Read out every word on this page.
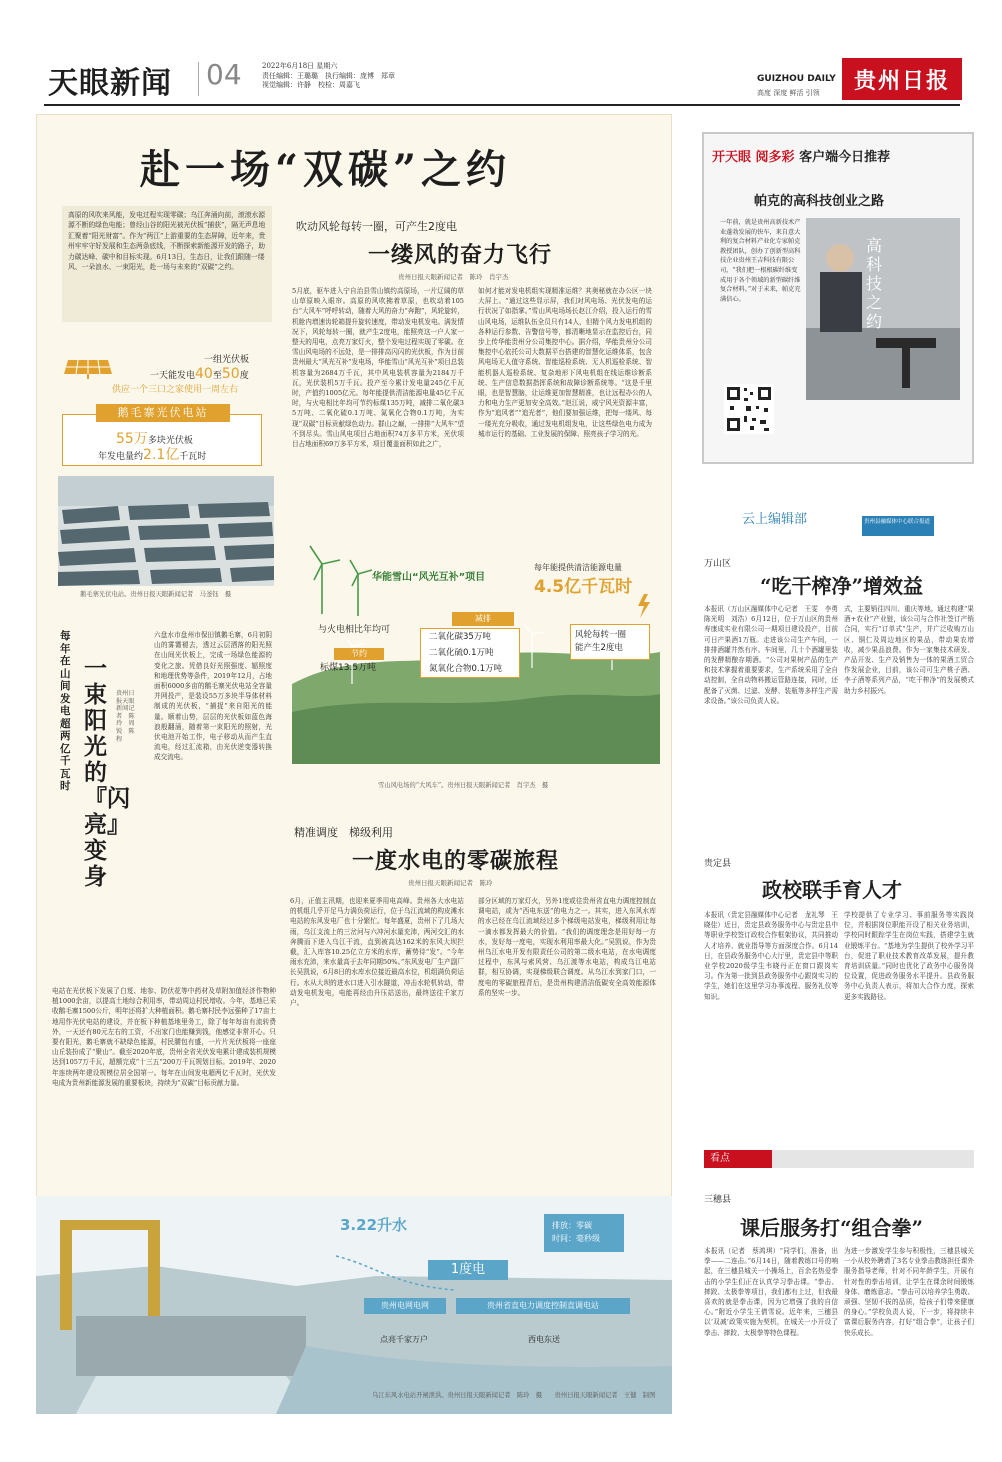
天眼新闻 04	2022年6月18日 星期六
责任编辑：王璐璐　执行编辑：庞博　郑章
视觉编辑：许静　校检：周嘉飞
GUIZHOU DAILY
高度 深度 鲜活 引领	贵州日报
赴一场“双碳”之约
高原的风吹来风能，发电过程实现零碳；乌江奔涌向前，滚滚水源源不断的绿色电能；曾经山谷的阳光被光伏板“捕获”，隔无声息地汇聚着“阳光财富”。作为“两江”上游重要的生态屏障，近年来，贵州牢牢守好发展和生态两条底线，不断探索新能源开发的路子，助力碳达峰、碳中和目标实现。6月13日，生态日，让我们跟随一缕风、一朵浪水、一束阳光，赴一场与未来的“双碳”之约。
吹动风轮每转一圈，可产生2度电
一缕风的奋力飞行
贵州日报天眼新闻记者　陈玲　肖宇杰
5月底，驱车进入宁自治县雪山镇约高原场，一片辽阔的草山草原映入眼帘。高原的风吹拂着草原，也吹动着105台“大风车”呼呼转动，随着大风的奋力“奔跑”，风轮旋转，机舱内增速齿轮箱提升旋转速度，带动发电机发电。满发情况下，风轮每转一圈，就产生2度电，能照亮这一户人家一整天的用电，点亮万家灯火，整个发电过程实现了零碳。在雪山风电场的不远处，是一排排高闪闪的光伏板，作为目前贵州最大“风光互补”发电场，华能雪山“风光互补”项目总装机容量为2684万千瓦，其中风电装机容量为2184万千瓦，光伏装机5万千瓦。投产至今累计发电量245亿千瓦时，产值约1005亿元。每年能提供清洁能源电量45亿千瓦时，与火电相比年均可节约标煤135万吨，减排二氧化碳35万吨、二氧化硫0.1万吨、氮氧化合物0.1万吨，为实现“双碳”目标贡献绿色动力。群山之巅，一排排“大风车”望不到尽头。雪山风电项目占地面积74万多平方米，光伏项目占地面积69万多平方米，项目覆盖面积如此之广，
如何才能对发电机组实现精准运维？其奥秘就在办公区一块大屏上。“通过这些显示屏，我们对风电场、光伏发电的运行状况了如指掌。”雪山风电场场长赵江介绍，投入运行的雪山风电场，运维队伍全员只有14人，但精个风力发电机组的各种运行参数、告警信号等，都清晰地显示在监控后台，同步上传华能贵州分公司集控中心。据介绍，华能贵州分公司集控中心依托公司大数据平台搭建的智慧化运维体系，包含风电场无人值守系统、智能巡检系统、无人机巡检系统、智能机器人巡检系统、复杂地形下风电机组在线运维诊断系统、生产信息数据指挥系统和故障诊断系统等。“这是千里眼，也是智慧脑，让运维更加智慧精准，也让远程办公的人力和电力生产更加安全高效。”赵江说，威宁风光资源丰富，作为“追风者”“追光者”，他们要加强运维，把每一缕风、每一缕光充分吸收，通过发电机组发电，让这些绿色电力成为城市运行的基础、工业发展的保障、照亮孩子学习的光。
一组光伏板
一天能发电40至50度
供应一个三口之家使用一周左右
鹅毛寨光伏电站
55万多块光伏板
年发电量约2.1亿千瓦时
鹅毛寨光伏电站。贵州日报天眼新闻记者　马釜钰　摄
每年在山间发电超两亿千瓦时
一束阳光的『闪亮』变身
贵州日报天眼新闻记者　陈玲　周锐　陈程
六盘水市盘州市保田镇鹅毛寨，6月初阴山的雾霭褪去，透过云层洒落的阳光照在山间光伏板上，完成一场绿色能源的变化之旅。凭借良好光照强度、辐照度和地理优势等条件，2019年12月，占地面积6000多亩的鹅毛寨光伏电站全容量并网投产，是装设55万多块半导体材料制成的光伏板，“捕捉”来自阳光的能量。顺着山势，层层的光伏板如蓝色海浪般翻涌，随着第一束阳光的照射，光伏电池开始工作，电子移动从而产生直流电，经过汇流箱，由光伏逆变器转换成交流电。
电站在光伏板下发展了白芨、地参、防伏花等中药材及草附加值经济作物种植1000余亩，以提高土地综合利用率，带动周边村民增收。今年，基地已采收鹅毛寨1500公斤，明年还将扩大种植面积。鹅毛寨村民李远强种了17亩土地用作光伏电站的建设，并在板下种植基地里务工，除了每年每亩有流转费外，一天还有80元左右的工资，不出家门也能赚到钱，他感觉非常开心。只要有阳光，鹅毛寨就不缺绿色能源，村民腰包有盛，一片片光伏板将一座座山丘装扮成了“聚山”。截至2020年底，贵州全省光伏发电累计建成装机规模达到1057万千瓦，超额完成“十三五”200万千瓦规划目标。2019年、2020年连续两年建设规模位居全国第一。每年在山间发电超两亿千瓦时，光伏发电成为贵州新能源发展的重要板块，持续为“双碳”目标贡献力量。
华能雪山“风光互补”项目
每年能提供清洁能源电量
4.5亿千瓦时
与火电相比年均可
减排
二氧化碳35万吨
二氧化硫0.1万吨
氮氧化合物0.1万吨
节约
标煤13.5万吨
风轮每转一圈
能产生2度电
雪山风电场的“大风车”。贵州日报天眼新闻记者　肖宇杰　摄
精准调度　梯级利用
一度水电的零碳旅程
贵州日报天眼新闻记者　陈玲
6月，正值主汛期，也迎来夏季用电高峰。贵州各大水电站的机组几乎开足马力满负荷运行，位于乌江流域的构皮滩水电站的东风发电厂也十分繁忙。每年盛夏，贵州下了几场大雨，乌江支流上的三岔河与六冲河水量充沛，两河交汇的水奔腾而下进入乌江干流，直到被高达162米的东风大坝拦截，汇入库容10.25亿立方米的水库，蓄势待“发”。“今年雨水充沛，来水量高于去年同期50%。”东风发电厂生产副厂长吴凯说，6月8日的水库水位接近最高水位，机组满负荷运行。水从大坝的进水口进入引水隧道，冲击水轮机转动，带动发电机发电，电能再经由升压站送出，最终送往千家万户。
部分区域的万家灯火，另外1度或往贵州省直电力调度控制直调电站，或为“西电东送”的电力之一。其实，进入东风水库的水已经在乌江流域经过多个梯级电站发电，梯级利用让每一滴水都发挥最大的价值。“我们的调度理念是用好每一方水，发好每一度电，实现水利用率最大化。”吴凯说，作为贵州乌江水电开发有限责任公司的第二级水电站，在水电调度过程中，东风与索风营、乌江渡等水电站，构成乌江电站群，相互协调，实现梯级联合调度。从乌江水到家门口，一度电的零碳旅程背后，是贵州构建清洁低碳安全高效能源体系的坚实一步。
3.22升水	排放：零碳
时间：毫秒级
1度电
贵州电网电网	贵州省直电力调度控制直调电站
点亮千家万户	西电东送
乌江东风水电站开闸泄洪。贵州日报天眼新闻记者　陈玲　摄　　贵州日报天眼新闻记者　王健　制图
开天眼 阅多彩 客户端今日推荐
帕克的高科技创业之路
一年前，就是贵州高新技术产业蓬勃发展的快车，来自意大利的复合材料产业化专家帕克教授团队，创办了创新型高科技企业贵州王吉科技有限公司，“我们把一根根碳纤维变成用于各个领域的新型碳纤维复合材料。”对于未来，帕克充满信心。
高科技之约
云上编辑部	贵州县融媒体中心联合报道
万山区
“吃干榨净”增效益
本报讯（万山区融媒体中心记者　王雯　李勇　陈光明　刘浩）6月12日，位于万山区的贵州寿康成实业有限公司一期项目建设投产，目前可日产果酒1万瓶。走进该公司生产车间，一排排酒罐井然有序。车间里，几十个酒罐里装的发酵精酿存期酒。“公司对果树产品的生产和技术掌握着重要要求，生产系统采用了全自动控制，全自动物料搬运管路连接，同时，还配备了灭菌、过滤、发酵、装瓶等多样生产需求设备。”该公司负责人说。
式，主要销往四川、重庆等地。通过构建“果酒+农业”产业链，该公司与合作社签订产销合同，实行“订单式”生产，并广泛收购万山区、铜仁及周边地区的果品，带动果农增收，减少果品浪费。作为一家集技术研发、产品开发、生产及销售为一体的果酒工贸合作发展企业，目前，该公司可生产桃子酒、李子酒等系列产品，“吃干榨净”的发展模式助力乡村振兴。
贵定县
政校联手育人才
本报讯（贵定县融媒体中心记者　龙礼琴　王晓佳）近日，贵定县政务服务中心与贵定县中等职业学校签订政校合作框架协议，共同推动人才培养、就业指导等方面深度合作。6月14日，在县政务服务中心大厅里，贵定县中等职业学校2020级学生韦晓丹正在窗口跟岗实习。作为第一批到县政务服务中心跟岗实习的学生，她们在这里学习办事流程、服务礼仪等知识。
学校提供了专业学习、事前服务等实践岗位，并根据岗位职能开设了相关业务培训，学校同时跟踪学生在岗位实践，搭建学生就业锻炼平台。“基地为学生提供了校外学习平台，促进了职业技术教育改革发展，提升教育培训质量。”同时也优化了政务中心服务岗位设置，促进政务服务水平提升。县政务服务中心负责人表示，将加大合作力度，探索更多实践路径。
看点
三穗县
课后服务打“组合拳”
本报讯（记者　蔡鸿琪）“同学们，准备，出拳——二连击。”6月14日，随着教练口号的响起，在三穗县城关一小操场上，百余名热爱拳击的小学生们正在认真学习拳击课。“拳击、摔跤、太极拳等项目，我们都有上过，但我最喜欢的就是拳击课，因为它增强了我的自信心。”附近小学生王倩雪说。近年来，三穗县以‘双减’政策实施为契机，在城关一小开设了拳击、摔跤、太极拳等特色课程。
为进一步激发学生参与积极性，三穗县城关一小从校外聘请了3名专业拳击教练担任课外服务指导老师，针对不同年龄学生，开展有针对性的拳击培训，让学生在课余时间锻炼身体、磨炼意志。“拳击可以培养学生勇敢、顽强、坚韧不拔的品质，给孩子们带来健康的身心。”学校负责人说，下一步，将持续丰富课后服务内容，打好“组合拳”，让孩子们快乐成长。
